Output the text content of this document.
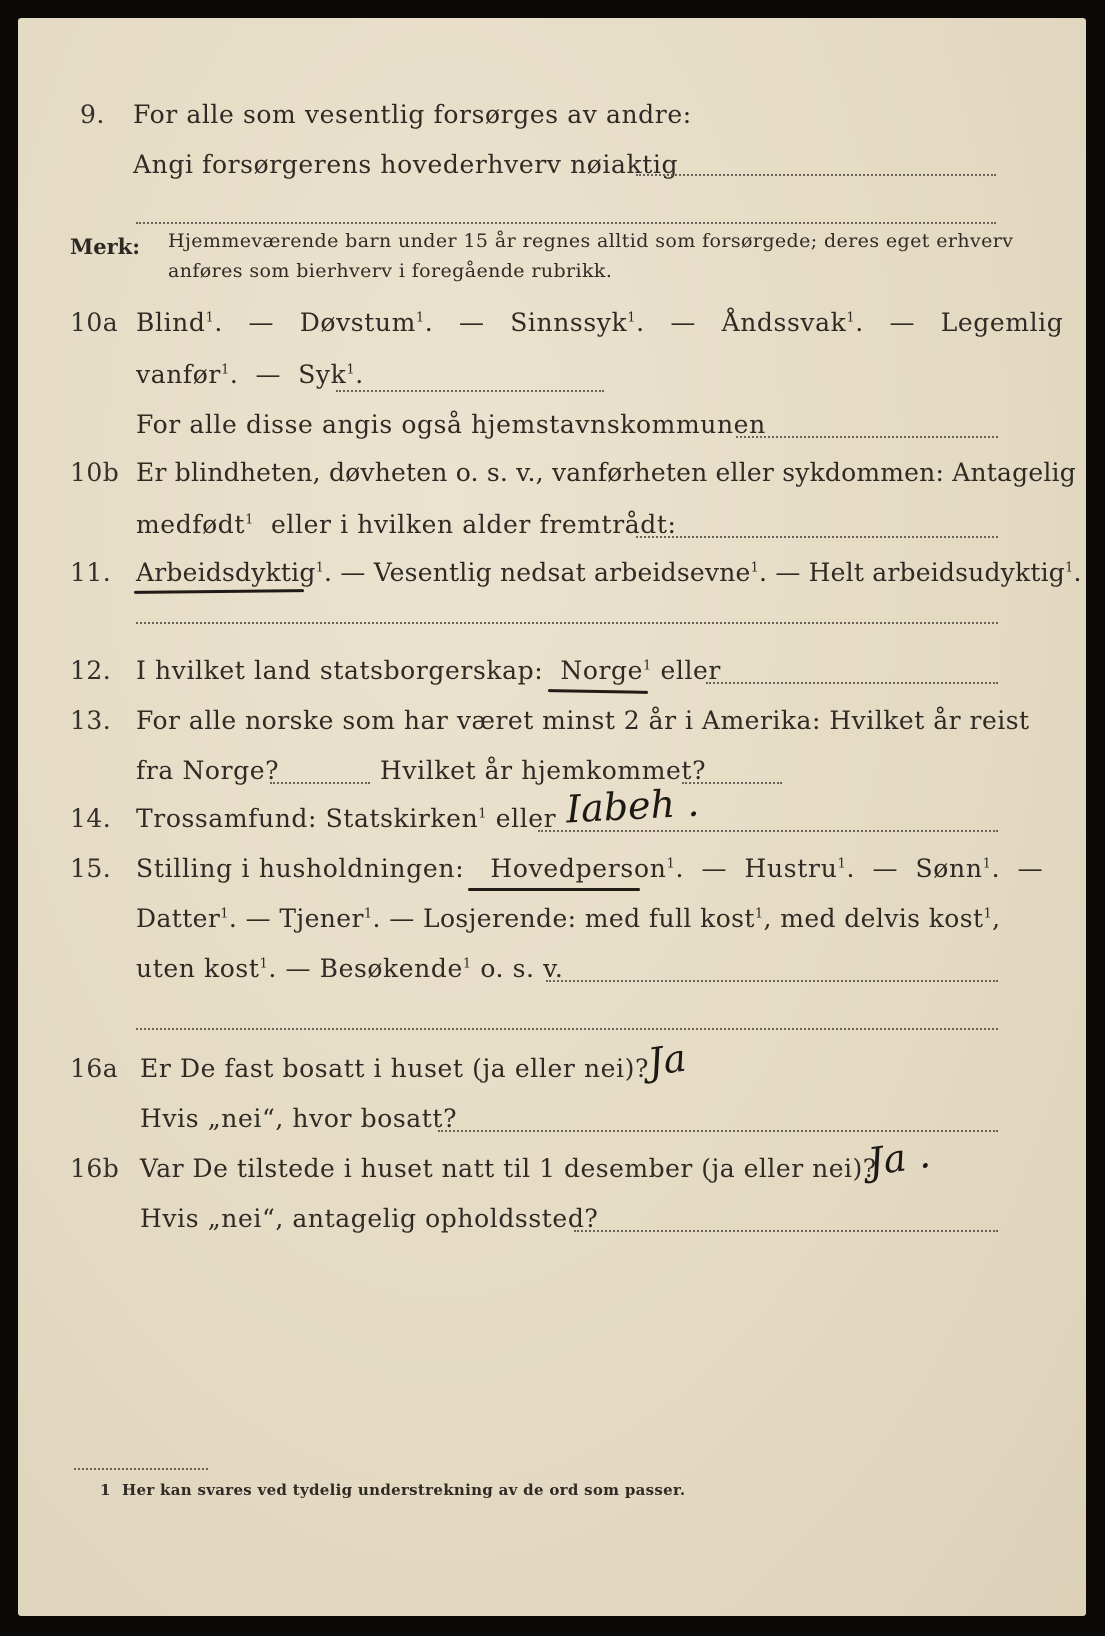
9. For alle som vesentlig forsørges av andre:
Angi forsørgerens hovederhverv nøiaktig
Merk: Hjemmeværende barn under 15 år regnes alltid som forsørgede; deres eget erhverv
anføres som bierhverv i foregående rubrikk.
10a Blind$^1$. — Døvstum$^1$. — Sinnssyk$^1$. — Åndssvak$^1$. — Legemlig
vanfør$^1$. — Syk$^1$.
For alle disse angis også hjemstavnskommunen
10b Er blindheten, døvheten o. s. v., vanførheten eller sykdommen: Antagelig
medfødt$^1$ eller i hvilken alder fremtrådt:
11. Arbeidsdyktig$^1$. — Vesentlig nedsat arbeidsevne$^1$. — Helt arbeidsudyktig$^1$.
12. I hvilket land statsborgerskap: Norge$^1$ eller
13. For alle norske som har været minst 2 år i Amerika: Hvilket år reist
fra Norge?	Hvilket år hjemkommet?
14. Trossamfund: Statskirken$^1$ eller Iabeh .
15. Stilling i husholdningen: Hovedperson$^1$. — Hustru$^1$. — Sønn$^1$. —
Datter$^1$. — Tjener$^1$. — Losjerende: med full kost$^1$, med delvis kost$^1$,
uten kost$^1$. — Besøkende$^1$ o. s. v.
16a Er De fast bosatt i huset (ja eller nei)?
Ja
Hvis „nei“, hvor bosatt?
16b Var De tilstede i huset natt til 1 desember (ja eller nei)?
Ja .
Hvis „nei“, antagelig opholdssted?
1 Her kan svares ved tydelig understrekning av de ord som passer.
